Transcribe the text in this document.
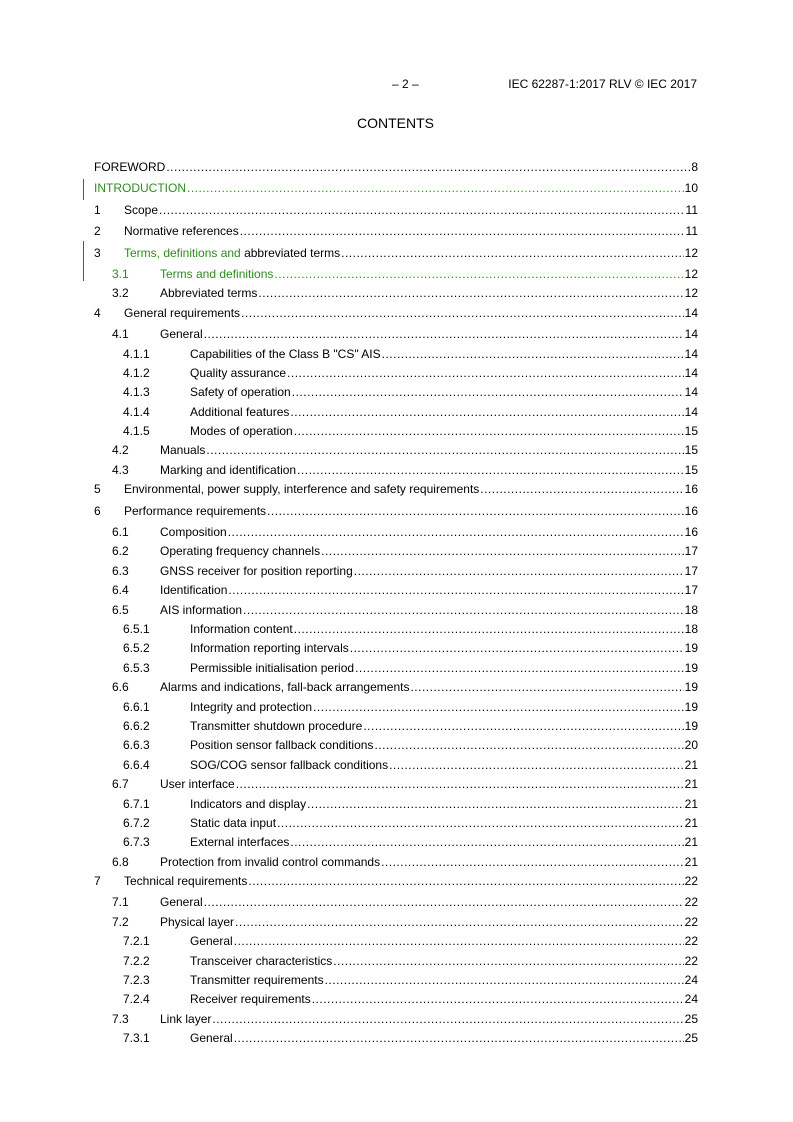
– 2 –	IEC 62287-1:2017 RLV © IEC 2017
CONTENTS
FOREWORD .....	8
INTRODUCTION .....	10
1	Scope .....	11
2	Normative references .....	11
3	Terms, definitions and abbreviated terms .....	12
3.1	Terms and definitions .....	12
3.2	Abbreviated terms .....	12
4	General requirements .....	14
4.1	General .....	14
4.1.1	Capabilities of the Class B "CS" AIS .....	14
4.1.2	Quality assurance .....	14
4.1.3	Safety of operation .....	14
4.1.4	Additional features .....	14
4.1.5	Modes of operation .....	15
4.2	Manuals .....	15
4.3	Marking and identification .....	15
5	Environmental, power supply, interference and safety requirements .....	16
6	Performance requirements .....	16
6.1	Composition .....	16
6.2	Operating frequency channels .....	17
6.3	GNSS receiver for position reporting .....	17
6.4	Identification .....	17
6.5	AIS information .....	18
6.5.1	Information content .....	18
6.5.2	Information reporting intervals .....	19
6.5.3	Permissible initialisation period .....	19
6.6	Alarms and indications, fall-back arrangements .....	19
6.6.1	Integrity and protection .....	19
6.6.2	Transmitter shutdown procedure .....	19
6.6.3	Position sensor fallback conditions .....	20
6.6.4	SOG/COG sensor fallback conditions .....	21
6.7	User interface .....	21
6.7.1	Indicators and display .....	21
6.7.2	Static data input .....	21
6.7.3	External interfaces .....	21
6.8	Protection from invalid control commands .....	21
7	Technical requirements .....	22
7.1	General .....	22
7.2	Physical layer .....	22
7.2.1	General .....	22
7.2.2	Transceiver characteristics .....	22
7.2.3	Transmitter requirements .....	24
7.2.4	Receiver requirements .....	24
7.3	Link layer .....	25
7.3.1	General .....	25
